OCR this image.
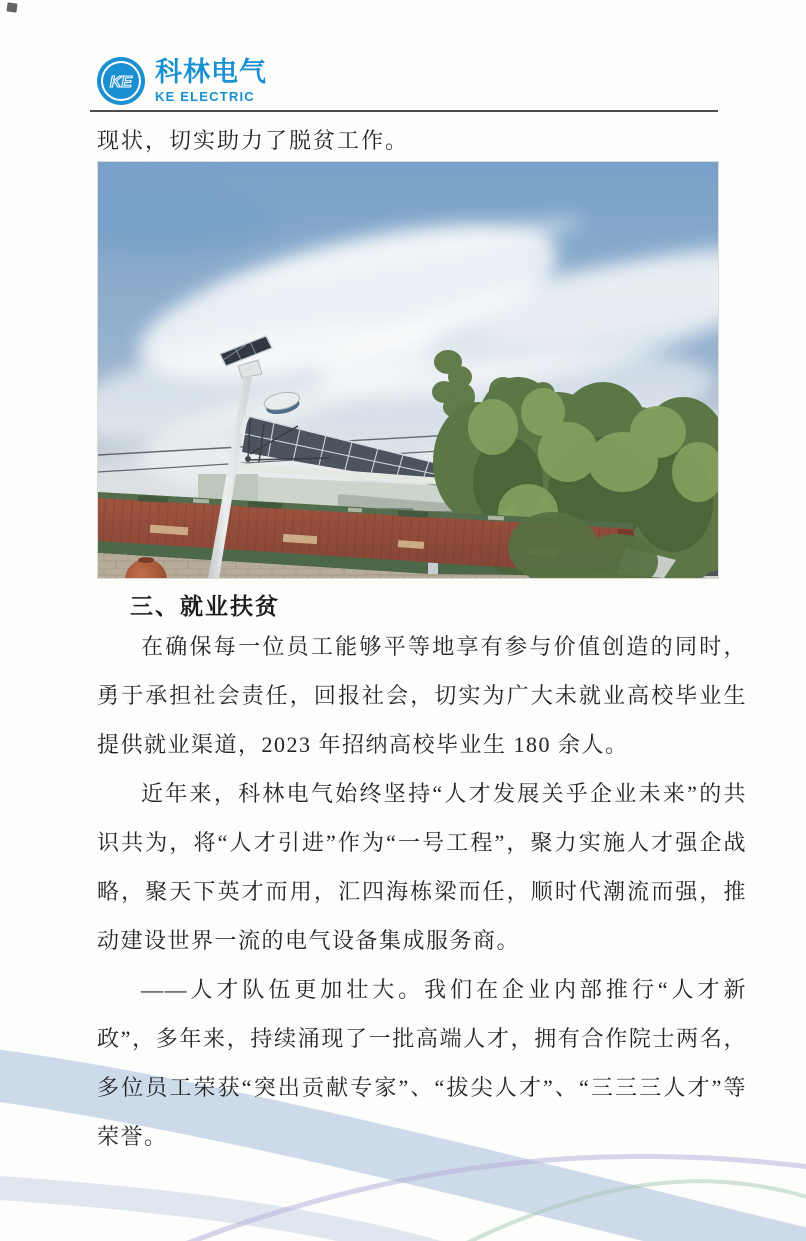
KE 科林电气
KE ELECTRIC
现状，切实助力了脱贫工作。
三、就业扶贫

在确保每一位员工能够平等地享有参与价值创造的同时，勇于承担社会责任，回报社会，切实为广大未就业高校毕业生提供就业渠道，2023 年招纳高校毕业生 180 余人。

近年来，科林电气始终坚持“人才发展关乎企业未来”的共识共为，将“人才引进”作为“一号工程”，聚力实施人才强企战略，聚天下英才而用，汇四海栋梁而任，顺时代潮流而强，推动建设世界一流的电气设备集成服务商。

——人才队伍更加壮大。我们在企业内部推行“人才新政”，多年来，持续涌现了一批高端人才，拥有合作院士两名，多位员工荣获“突出贡献专家”、“拔尖人才”、“三三三人才”等荣誉。
